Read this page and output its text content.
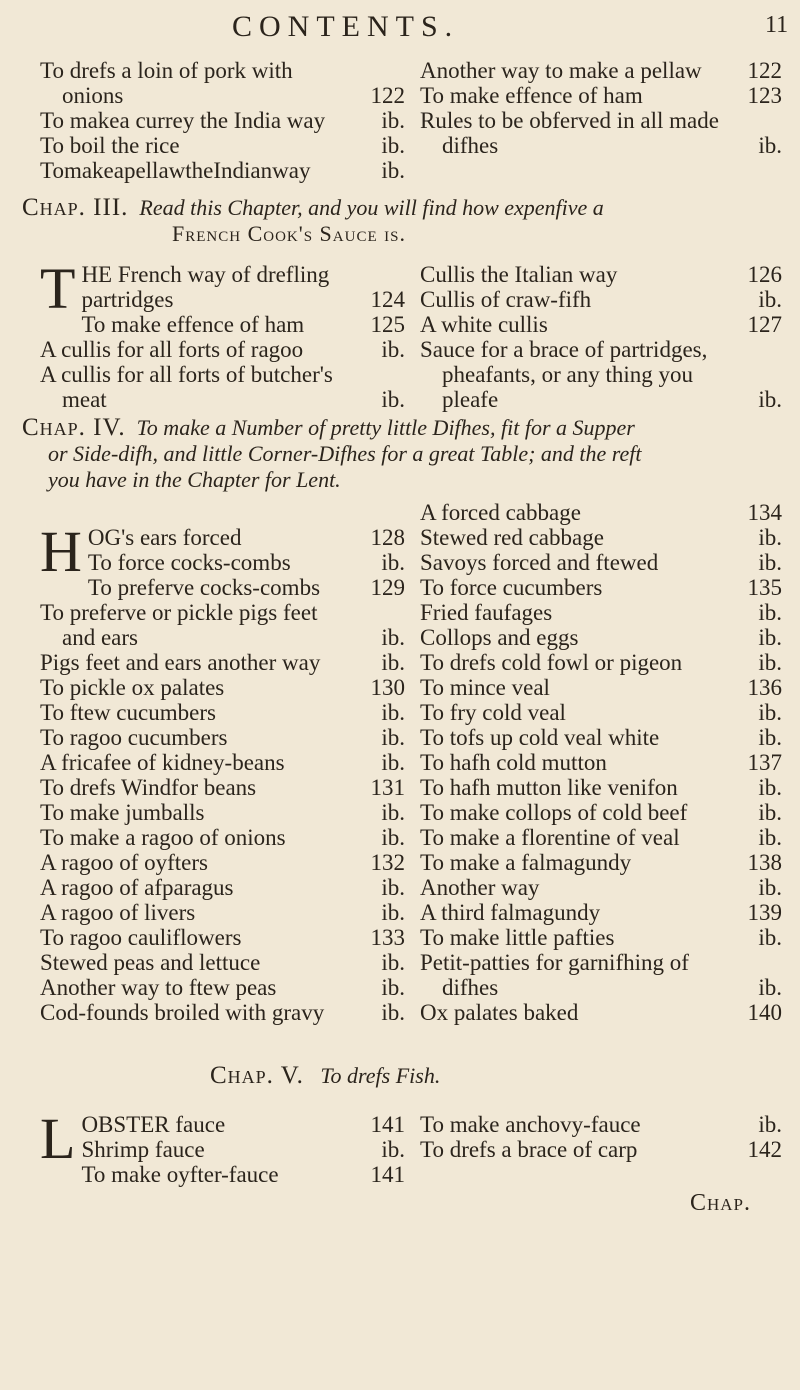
CONTENTS.	11
To drefs a loin of pork with
onions	122
To makea currey the India way ib.
To boil the rice	ib.
TomakeapellawtheIndianway	ib.
Another way to make a pellaw 122
To make effence of ham	123
Rules to be obferved in all made
difhes	ib.
Chap. III. Read this Chapter, and you will find how expenfive a
French Cook's Sauce is.
THE French way of drefling
partridges	124
To make effence of ham	125
A cullis for all forts of ragoo	ib.
A cullis for all forts of butcher's
meat	ib.
Cullis the Italian way	126
Cullis of craw-fifh	ib.
A white cullis	127
Sauce for a brace of partridges,
pheafants, or any thing you
pleafe	ib.
Chap. IV. To make a Number of pretty little Difhes, fit for a Supper
or Side-difh, and little Corner-Difhes for a great Table; and the reft
you have in the Chapter for Lent.
HOG's ears forced	128
To force cocks-combs	ib.
To preferve cocks-combs 129
To preferve or pickle pigs feet
and ears	ib.
Pigs feet and ears another way	ib.
To pickle ox palates	130
To ftew cucumbers	ib.
To ragoo cucumbers	ib.
A fricafee of kidney-beans	ib.
To drefs Windfor beans	131
To make jumballs	ib.
To make a ragoo of onions	ib.
A ragoo of oyfters	132
A ragoo of afparagus	ib.
A ragoo of livers	ib.
To ragoo cauliflowers	133
Stewed peas and lettuce	ib.
Another way to ftew peas	ib.
Cod-founds broiled with gravy ib.
A forced cabbage	134
Stewed red cabbage	ib.
Savoys forced and ftewed	ib.
To force cucumbers	135
Fried faufages	ib.
Collops and eggs	ib.
To drefs cold fowl or pigeon	ib.
To mince veal	136
To fry cold veal	ib.
To tofs up cold veal white	ib.
To hafh cold mutton	137
To hafh mutton like venifon	ib.
To make collops of cold beef	ib.
To make a florentine of veal	ib.
To make a falmagundy	138
Another way	ib.
A third falmagundy	139
To make little pafties	ib.
Petit-patties for garnifhing of
difhes	ib.
Ox palates baked	140
Chap. V. To drefs Fish.
LOBSTER fauce	141
Shrimp fauce	ib.
To make oyfter-fauce	141
To make anchovy-fauce	ib.
To drefs a brace of carp	142
Chap.
